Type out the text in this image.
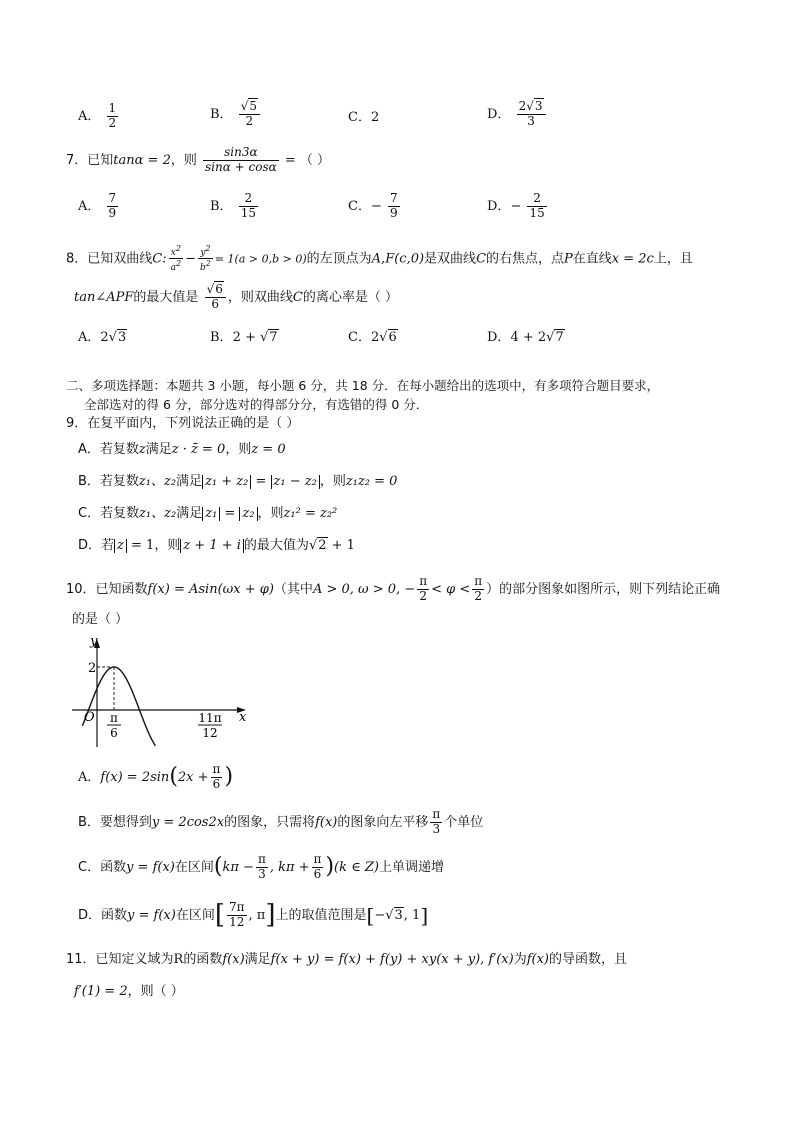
A． $\frac{1}{2}$	B． $\frac{√5}{2}$	C．2	D． $\frac{2√3}{3}$
7．已知tanα = 2，则 $\frac{\sin 3\alpha}{\sin\alpha + \cos\alpha}$ = （ ）
A． $\frac{7}{9}$	B． $\frac{2}{15}$	C．− $\frac{7}{9}$	D．− $\frac{2}{15}$
8．已知双曲线C: $\frac{x^2}{a^2} - \frac{y^2}{b^2} = 1(a > 0,b > 0)$的左顶点为A,F(c,0)是双曲线C的右焦点，点P在直线x = 2c上，且
tan∠APF的最大值是 $\frac{√6}{6}$ ，则双曲线C的离心率是（ ）
A．2√3	B．2 + √7	C．2√6	D．4 + 2√7
二、多项选择题：本题共 3 小题，每小题 6 分，共 18 分．在每小题给出的选项中，有多项符合题目要求，
全部选对的得 6 分，部分选对的得部分分，有选错的得 0 分．
9．在复平面内，下列说法正确的是（ ）
A．若复数z满足z · z̄ = 0，则z = 0
B．若复数z₁、z₂满足 z₁ + z₂ = z₁ − z₂ ，则z₁z₂ = 0
C．若复数z₁、z₂满足 z₁ = z₂ ，则z₁² = z₂²
D．若 z = 1，则 z + 1 + i 的最大值为√2 + 1
10．已知函数f(x) = Asin(ωx + φ)（其中A > 0, ω > 0, − $\frac{\pi}{2} < \varphi < \frac{\pi}{2}$ ）的部分图象如图所示，则下列结论正确
的是（ ）
y
x
O
2
π
6
11π
12
A．$f(x) = 2\sin(2x + \frac{\pi}{6}$ )
B．要想得到y = 2cos2x的图象，只需将f(x)的图象向左平移 $\frac{\pi}{3}$ 个单位
C．函数y = f(x)在区间($k\pi - \frac{\pi}{3}$ , $k\pi + \frac{\pi}{6} )(k$ ∈ Z)上单调递增
D．函数y = f(x)在区间[ $\frac{7\pi}{12}$ , π]上的取值范围是[−√3, 1]
11．已知定义域为R的函数f(x)满足f(x + y) = f(x) + f(y) + xy(x + y), f′(x)为f(x)的导函数，且
f′(1) = 2，则（ ）
